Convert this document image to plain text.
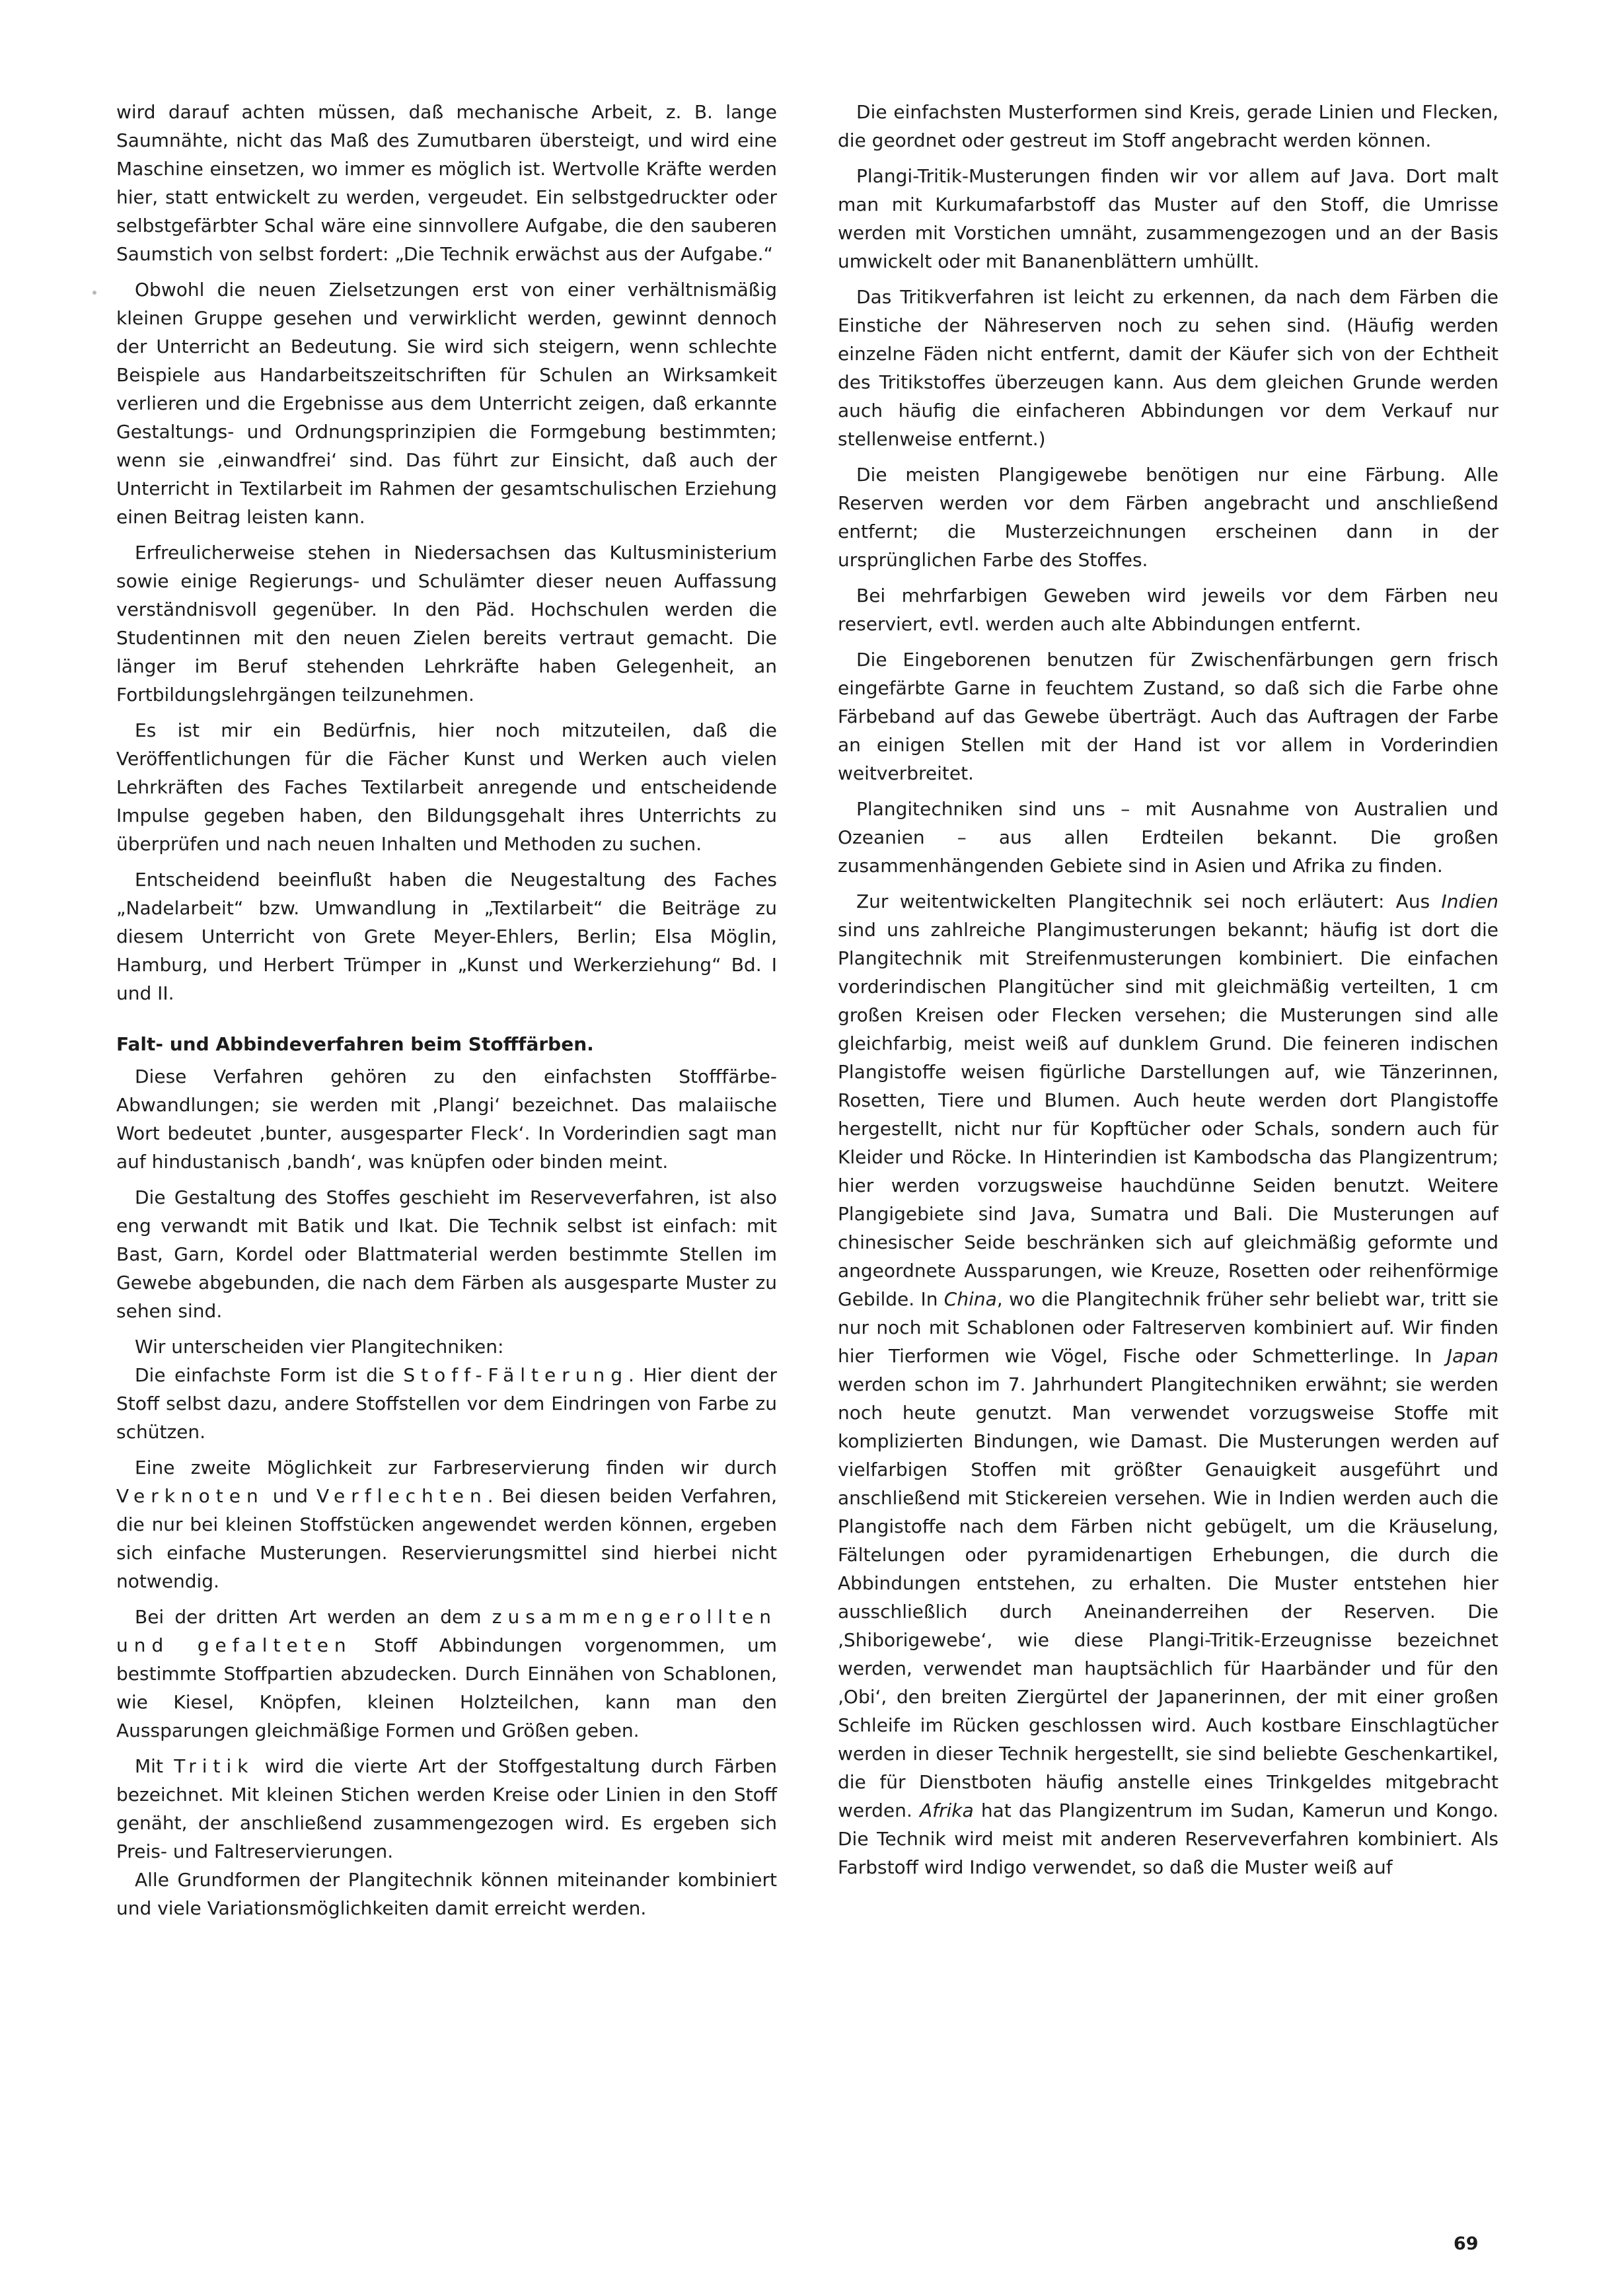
wird darauf achten müssen, daß mechanische Arbeit, z. B. lange Saumnähte, nicht das Maß des Zumutbaren übersteigt, und wird eine Maschine einsetzen, wo immer es möglich ist. Wertvolle Kräfte werden hier, statt entwickelt zu werden, vergeudet. Ein selbstgedruckter oder selbstgefärbter Schal wäre eine sinnvollere Aufgabe, die den sauberen Saumstich von selbst fordert: „Die Technik erwächst aus der Aufgabe.“

Obwohl die neuen Zielsetzungen erst von einer verhältnismäßig kleinen Gruppe gesehen und verwirklicht werden, gewinnt dennoch der Unterricht an Bedeutung. Sie wird sich steigern, wenn schlechte Beispiele aus Handarbeitszeitschriften für Schulen an Wirksamkeit verlieren und die Ergebnisse aus dem Unterricht zeigen, daß erkannte Gestaltungs- und Ordnungsprinzipien die Formgebung bestimmten; wenn sie ‚einwandfrei‘ sind. Das führt zur Einsicht, daß auch der Unterricht in Textilarbeit im Rahmen der gesamtschulischen Erziehung einen Beitrag leisten kann.

Erfreulicherweise stehen in Niedersachsen das Kultusministerium sowie einige Regierungs- und Schulämter dieser neuen Auffassung verständnisvoll gegenüber. In den Päd. Hochschulen werden die Studentinnen mit den neuen Zielen bereits vertraut gemacht. Die länger im Beruf stehenden Lehrkräfte haben Gelegenheit, an Fortbildungslehrgängen teilzunehmen.

Es ist mir ein Bedürfnis, hier noch mitzuteilen, daß die Veröffentlichungen für die Fächer Kunst und Werken auch vielen Lehrkräften des Faches Textilarbeit anregende und entscheidende Impulse gegeben haben, den Bildungsgehalt ihres Unterrichts zu überprüfen und nach neuen Inhalten und Methoden zu suchen.

Entscheidend beeinflußt haben die Neugestaltung des Faches „Nadelarbeit“ bzw. Umwandlung in „Textilarbeit“ die Beiträge zu diesem Unterricht von Grete Meyer-Ehlers, Berlin; Elsa Möglin, Hamburg, und Herbert Trümper in „Kunst und Werkerziehung“ Bd. I und II.

Falt- und Abbindeverfahren beim Stofffärben.

Diese Verfahren gehören zu den einfachsten Stofffärbe-Abwandlungen; sie werden mit ‚Plangi‘ bezeichnet. Das malaiische Wort bedeutet ‚bunter, ausgesparter Fleck‘. In Vorderindien sagt man auf hindustanisch ‚bandh‘, was knüpfen oder binden meint.

Die Gestaltung des Stoffes geschieht im Reserveverfahren, ist also eng verwandt mit Batik und Ikat. Die Technik selbst ist einfach: mit Bast, Garn, Kordel oder Blattmaterial werden bestimmte Stellen im Gewebe abgebunden, die nach dem Färben als ausgesparte Muster zu sehen sind.

Wir unterscheiden vier Plangitechniken:

Die einfachste Form ist die Stoff-Fälterung. Hier dient der Stoff selbst dazu, andere Stoffstellen vor dem Eindringen von Farbe zu schützen.

Eine zweite Möglichkeit zur Farbreservierung finden wir durch Verknoten und Verflechten. Bei diesen beiden Verfahren, die nur bei kleinen Stoffstücken angewendet werden können, ergeben sich einfache Musterungen. Reservierungsmittel sind hierbei nicht notwendig.

Bei der dritten Art werden an dem zusammengerollten und gefalteten Stoff Abbindungen vorgenommen, um bestimmte Stoffpartien abzudecken. Durch Einnähen von Schablonen, wie Kiesel, Knöpfen, kleinen Holzteilchen, kann man den Aussparungen gleichmäßige Formen und Größen geben.

Mit Tritik wird die vierte Art der Stoffgestaltung durch Färben bezeichnet. Mit kleinen Stichen werden Kreise oder Linien in den Stoff genäht, der anschließend zusammengezogen wird. Es ergeben sich Preis- und Faltreservierungen.

Alle Grundformen der Plangitechnik können miteinander kombiniert und viele Variationsmöglichkeiten damit erreicht werden.

Die einfachsten Musterformen sind Kreis, gerade Linien und Flecken, die geordnet oder gestreut im Stoff angebracht werden können.

Plangi-Tritik-Musterungen finden wir vor allem auf Java. Dort malt man mit Kurkumafarbstoff das Muster auf den Stoff, die Umrisse werden mit Vorstichen umnäht, zusammengezogen und an der Basis umwickelt oder mit Bananenblättern umhüllt.

Das Tritikverfahren ist leicht zu erkennen, da nach dem Färben die Einstiche der Nähreserven noch zu sehen sind. (Häufig werden einzelne Fäden nicht entfernt, damit der Käufer sich von der Echtheit des Tritikstoffes überzeugen kann. Aus dem gleichen Grunde werden auch häufig die einfacheren Abbindungen vor dem Verkauf nur stellenweise entfernt.)

Die meisten Plangigewebe benötigen nur eine Färbung. Alle Reserven werden vor dem Färben angebracht und anschließend entfernt; die Musterzeichnungen erscheinen dann in der ursprünglichen Farbe des Stoffes.

Bei mehrfarbigen Geweben wird jeweils vor dem Färben neu reserviert, evtl. werden auch alte Abbindungen entfernt.

Die Eingeborenen benutzen für Zwischenfärbungen gern frisch eingefärbte Garne in feuchtem Zustand, so daß sich die Farbe ohne Färbeband auf das Gewebe überträgt. Auch das Auftragen der Farbe an einigen Stellen mit der Hand ist vor allem in Vorderindien weitverbreitet.

Plangitechniken sind uns – mit Ausnahme von Australien und Ozeanien – aus allen Erdteilen bekannt. Die großen zusammenhängenden Gebiete sind in Asien und Afrika zu finden.

Zur weitentwickelten Plangitechnik sei noch erläutert: Aus Indien sind uns zahlreiche Plangimusterungen bekannt; häufig ist dort die Plangitechnik mit Streifenmusterungen kombiniert. Die einfachen vorderindischen Plangitücher sind mit gleichmäßig verteilten, 1 cm großen Kreisen oder Flecken versehen; die Musterungen sind alle gleichfarbig, meist weiß auf dunklem Grund. Die feineren indischen Plangistoffe weisen figürliche Darstellungen auf, wie Tänzerinnen, Rosetten, Tiere und Blumen. Auch heute werden dort Plangistoffe hergestellt, nicht nur für Kopftücher oder Schals, sondern auch für Kleider und Röcke. In Hinterindien ist Kambodscha das Plangizentrum; hier werden vorzugsweise hauchdünne Seiden benutzt. Weitere Plangigebiete sind Java, Sumatra und Bali. Die Musterungen auf chinesischer Seide beschränken sich auf gleichmäßig geformte und angeordnete Aussparungen, wie Kreuze, Rosetten oder reihenförmige Gebilde. In China, wo die Plangitechnik früher sehr beliebt war, tritt sie nur noch mit Schablonen oder Faltreserven kombiniert auf. Wir finden hier Tierformen wie Vögel, Fische oder Schmetterlinge. In Japan werden schon im 7. Jahrhundert Plangitechniken erwähnt; sie werden noch heute genutzt. Man verwendet vorzugsweise Stoffe mit komplizierten Bindungen, wie Damast. Die Musterungen werden auf vielfarbigen Stoffen mit größter Genauigkeit ausgeführt und anschließend mit Stickereien versehen. Wie in Indien werden auch die Plangistoffe nach dem Färben nicht gebügelt, um die Kräuselung, Fältelungen oder pyramidenartigen Erhebungen, die durch die Abbindungen entstehen, zu erhalten. Die Muster entstehen hier ausschließlich durch Aneinanderreihen der Reserven. Die ‚Shiborigewebe‘, wie diese Plangi-Tritik-Erzeugnisse bezeichnet werden, verwendet man hauptsächlich für Haarbänder und für den ‚Obi‘, den breiten Ziergürtel der Japanerinnen, der mit einer großen Schleife im Rücken geschlossen wird. Auch kostbare Einschlagtücher werden in dieser Technik hergestellt, sie sind beliebte Geschenkartikel, die für Dienstboten häufig anstelle eines Trinkgeldes mitgebracht werden. Afrika hat das Plangizentrum im Sudan, Kamerun und Kongo. Die Technik wird meist mit anderen Reserveverfahren kombiniert. Als Farbstoff wird Indigo verwendet, so daß die Muster weiß auf

69
